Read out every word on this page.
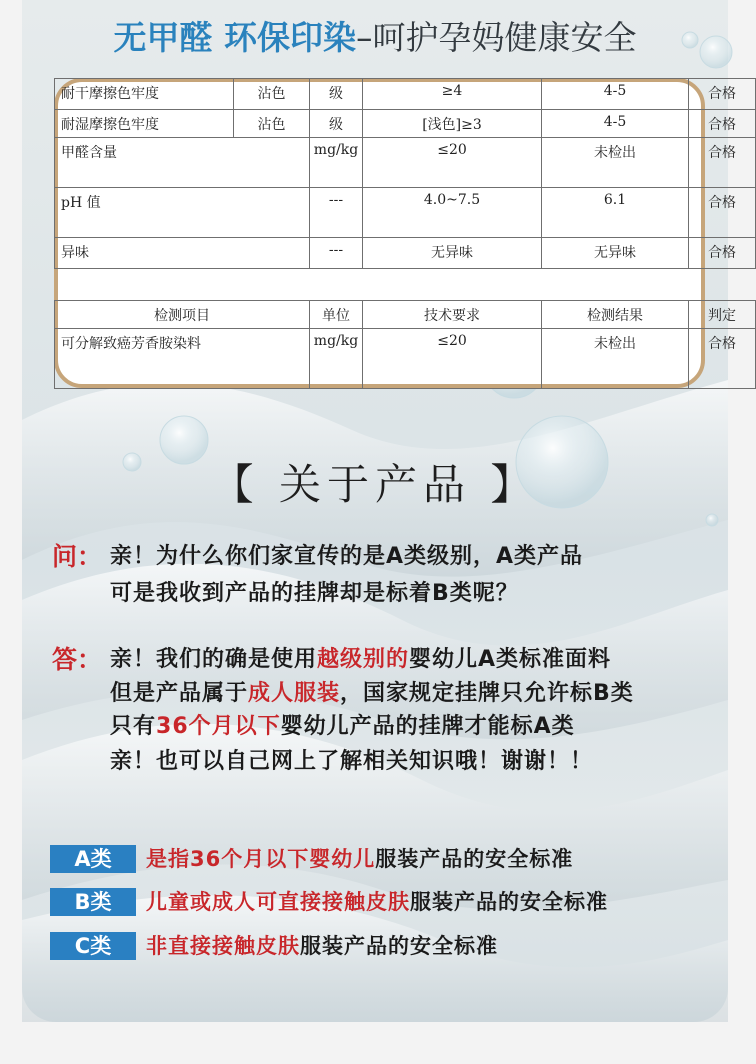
无甲醛 环保印染–呵护孕妈健康安全
耐干摩擦色牢度	沾色	级	≥4	4-5	合格
耐湿摩擦色牢度	沾色	级	[浅色]≥3	4-5	合格
甲醛含量		mg/kg	≤20	未检出	合格
pH 值		---	4.0~7.5	6.1	合格
异味		---	无异味	无异味	合格

检测项目		单位	技术要求	检测结果	判定
可分解致癌芳香胺染料		mg/kg	≤20	未检出	合格
【 关于产品 】
问： 亲！为什么你们家宣传的是A类级别，A类产品
可是我收到产品的挂牌却是标着B类呢？
答： 亲！我们的确是使用越级别的婴幼儿A类标准面料
但是产品属于成人服装，国家规定挂牌只允许标B类
只有36个月以下婴幼儿产品的挂牌才能标A类
亲！也可以自己网上了解相关知识哦！谢谢！！
A类	是指36个月以下婴幼儿服装产品的安全标准
B类	儿童或成人可直接接触皮肤服装产品的安全标准
C类	非直接接触皮肤服装产品的安全标准
